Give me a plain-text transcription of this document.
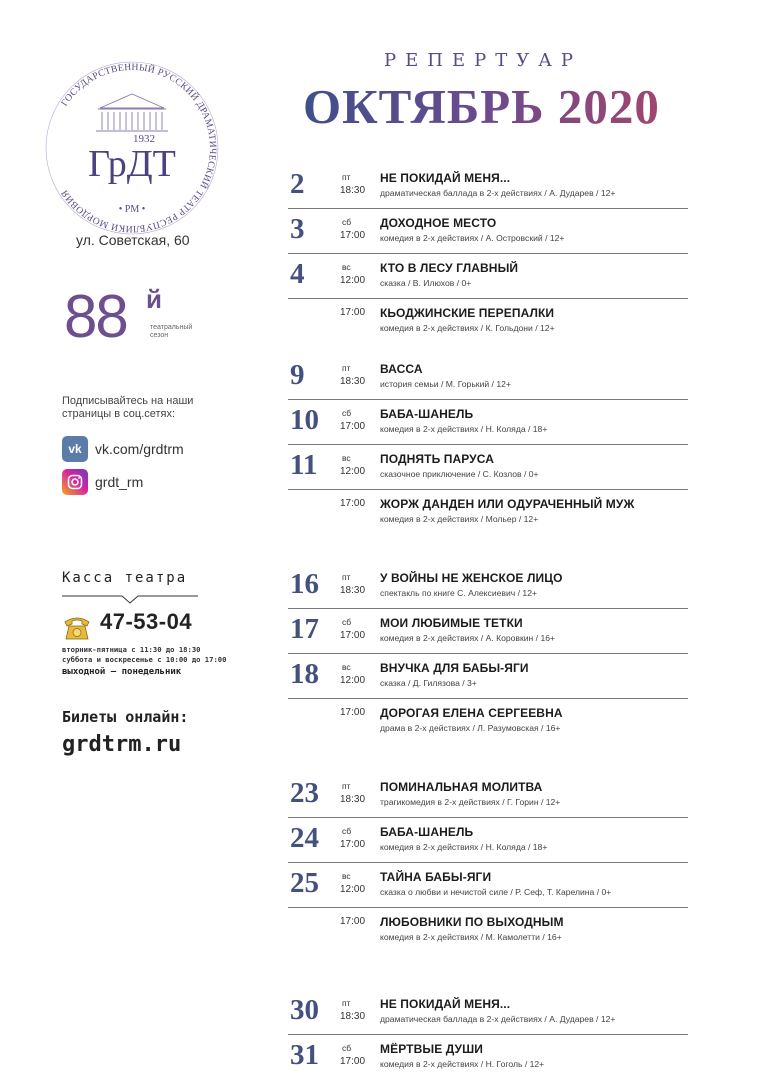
ГОСУДАРСТВЕННЫЙ РУССКИЙ ДРАМАТИЧЕСКИЙ ТЕАТР РЕСПУБЛИКИ МОРДОВИЯ
1932
ГрДТ
• РМ •
ул. Советская, 60
88 й
театральный сезон
Подписывайтесь на наши страницы в соц.сетях:
vk vk.com/grdtrm
grdt_rm
Касса театра
47-53-04
вторник-пятница с 11:30 до 18:30
суббота и воскресенье с 10:00 до 17:00
выходной – понедельник
Билеты онлайн:
grdtrm.ru
РЕПЕРТУАР
ОКТЯБРЬ 2020
2	пт
18:30
НЕ ПОКИДАЙ МЕНЯ...
драматическая баллада в 2-х действиях / А. Дударев / 12+
3	сб
17:00
ДОХОДНОЕ МЕСТО
комедия в 2-х действиях / А. Островский / 12+
4	вс
12:00
КТО В ЛЕСУ ГЛАВНЫЙ
сказка / В. Илюхов / 0+
17:00 КЬОДЖИНСКИЕ ПЕРЕПАЛКИ
комедия в 2-х действиях / К. Гольдони / 12+
9	пт
18:30
ВАССА
история семьи / М. Горький / 12+
10	сб
17:00
БАБА-ШАНЕЛЬ
комедия в 2-х действиях / Н. Коляда / 18+
11	вс
12:00
ПОДНЯТЬ ПАРУСА
сказочное приключение / С. Козлов / 0+
17:00 ЖОРЖ ДАНДЕН ИЛИ ОДУРАЧЕННЫЙ МУЖ
комедия в 2-х действиях / Мольер / 12+
16	пт
18:30
У ВОЙНЫ НЕ ЖЕНСКОЕ ЛИЦО
спектакль по книге С. Алексиевич / 12+
17	сб
17:00
МОИ ЛЮБИМЫЕ ТЕТКИ
комедия в 2-х действиях / А. Коровкин / 16+
18	вс
12:00
ВНУЧКА ДЛЯ БАБЫ-ЯГИ
сказка / Д. Гилязова / 3+
17:00 ДОРОГАЯ ЕЛЕНА СЕРГЕЕВНА
драма в 2-х действиях / Л. Разумовская / 16+
23	пт
18:30
ПОМИНАЛЬНАЯ МОЛИТВА
трагикомедия в 2-х действиях / Г. Горин / 12+
24	сб
17:00
БАБА-ШАНЕЛЬ
комедия в 2-х действиях / Н. Коляда / 18+
25	вс
12:00
ТАЙНА БАБЫ-ЯГИ
сказка о любви и нечистой силе / Р. Сеф, Т. Карелина / 0+
17:00 ЛЮБОВНИКИ ПО ВЫХОДНЫМ
комедия в 2-х действиях / М. Камолетти / 16+
30	пт
18:30
НЕ ПОКИДАЙ МЕНЯ...
драматическая баллада в 2-х действиях / А. Дударев / 12+
31	сб
17:00
МЁРТВЫЕ ДУШИ
комедия в 2-х действиях / Н. Гоголь / 12+
